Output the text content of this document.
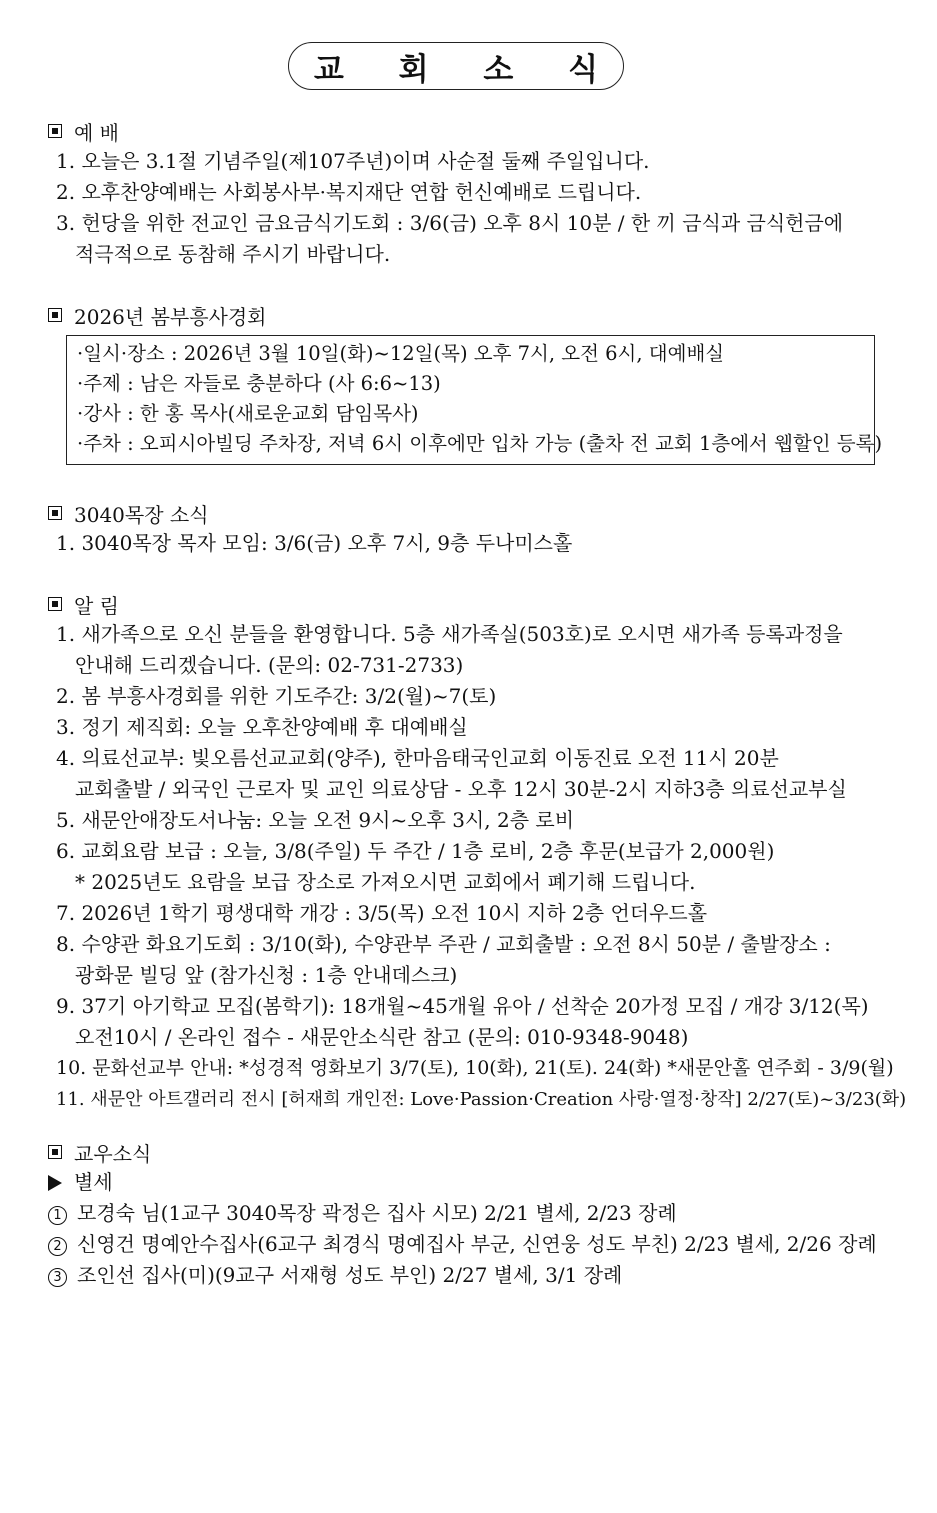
교 회 소 식
예 배
1. 오늘은 3.1절 기념주일(제107주년)이며 사순절 둘째 주일입니다.
2. 오후찬양예배는 사회봉사부·복지재단 연합 헌신예배로 드립니다.
3. 헌당을 위한 전교인 금요금식기도회 : 3/6(금) 오후 8시 10분 / 한 끼 금식과 금식헌금에
적극적으로 동참해 주시기 바랍니다.
2026년 봄부흥사경회
·일시·장소 : 2026년 3월 10일(화)~12일(목) 오후 7시, 오전 6시, 대예배실
·주제 : 남은 자들로 충분하다 (사 6:6~13)
·강사 : 한 홍 목사(새로운교회 담임목사)
·주차 : 오피시아빌딩 주차장, 저녁 6시 이후에만 입차 가능 (출차 전 교회 1층에서 웹할인 등록)
3040목장 소식
1. 3040목장 목자 모임: 3/6(금) 오후 7시, 9층 두나미스홀
알 림
1. 새가족으로 오신 분들을 환영합니다. 5층 새가족실(503호)로 오시면 새가족 등록과정을
안내해 드리겠습니다. (문의: 02-731-2733)
2. 봄 부흥사경회를 위한 기도주간: 3/2(월)~7(토)
3. 정기 제직회: 오늘 오후찬양예배 후 대예배실
4. 의료선교부: 빛오름선교교회(양주), 한마음태국인교회 이동진료 오전 11시 20분
교회출발 / 외국인 근로자 및 교인 의료상담 - 오후 12시 30분-2시 지하3층 의료선교부실
5. 새문안애장도서나눔: 오늘 오전 9시~오후 3시, 2층 로비
6. 교회요람 보급 : 오늘, 3/8(주일) 두 주간 / 1층 로비, 2층 후문(보급가 2,000원)
* 2025년도 요람을 보급 장소로 가져오시면 교회에서 폐기해 드립니다.
7. 2026년 1학기 평생대학 개강 : 3/5(목) 오전 10시 지하 2층 언더우드홀
8. 수양관 화요기도회 : 3/10(화), 수양관부 주관 / 교회출발 : 오전 8시 50분 / 출발장소 :
광화문 빌딩 앞 (참가신청 : 1층 안내데스크)
9. 37기 아기학교 모집(봄학기): 18개월~45개월 유아 / 선착순 20가정 모집 / 개강 3/12(목)
오전10시 / 온라인 접수 - 새문안소식란 참고 (문의: 010-9348-9048)
10. 문화선교부 안내: *성경적 영화보기 3/7(토), 10(화), 21(토). 24(화) *새문안홀 연주회 - 3/9(월)
11. 새문안 아트갤러리 전시 [허재희 개인전: Love·Passion·Creation 사랑·열정·창작] 2/27(토)~3/23(화)
교우소식
별세
1 모경숙 님(1교구 3040목장 곽정은 집사 시모) 2/21 별세, 2/23 장례
2 신영건 명예안수집사(6교구 최경식 명예집사 부군, 신연웅 성도 부친) 2/23 별세, 2/26 장례
3 조인선 집사(미)(9교구 서재형 성도 부인) 2/27 별세, 3/1 장례
